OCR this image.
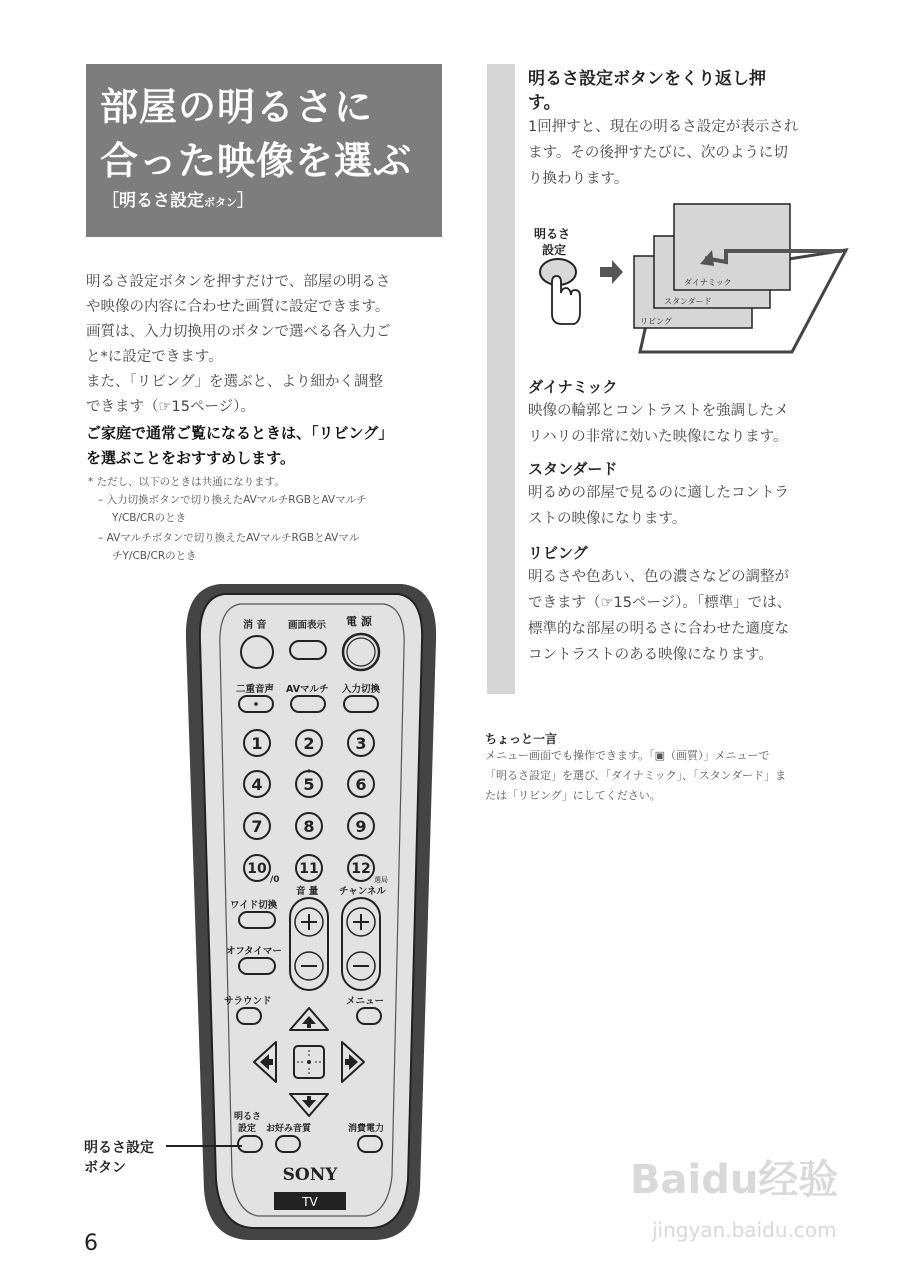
部屋の明るさに
合った映像を選ぶ
［明るさ設定ボタン］
明るさ設定ボタンを押すだけで、部屋の明るさ
や映像の内容に合わせた画質に設定できます。
画質は、入力切換用のボタンで選べる各入力ご
と*に設定できます。
また、「リビング」を選ぶと、より細かく調整
できます（☞15ページ）。
ご家庭で通常ご覧になるときは、「リビング」
を選ぶことをおすすめします。
* ただし、以下のときは共通になります。
– 入力切換ボタンで切り換えたAVマルチRGBとAVマルチ
Y/CB/CRのとき
– AVマルチボタンで切り換えたAVマルチRGBとAVマル
チY/CB/CRのとき
明るさ設定ボタンをくり返し押
す。
1回押すと、現在の明るさ設定が表示され
ます。その後押すたびに、次のように切
り換わります。
明るさ
設定
ダイナミック
スタンダード
リビング
ダイナミック
映像の輪郭とコントラストを強調したメ
リハリの非常に効いた映像になります。
スタンダード
明るめの部屋で見るのに適したコントラ
ストの映像になります。
リビング
明るさや色あい、色の濃さなどの調整が
できます（☞15ページ）。「標準」では、
標準的な部屋の明るさに合わせた適度な
コントラストのある映像になります。
ちょっと一言
メニュー画面でも操作できます。「▣（画質）」メニューで
「明るさ設定」を選び、「ダイナミック」、「スタンダード」ま
たは「リビング」にしてください。
消 音 画面表示 電 源
二重音声 AVマルチ 入力切換
1	2	3
4	5	6
7	8	9
10
/0
11 12
選局
音 量 チャンネル
ワイド切換
オフタイマー
サラウンド	メニュー
明るさ
設定 お好み音質	消費電力
SONY
TV
明るさ設定
ボタン
6
Baidu经验
jingyan.baidu.com
